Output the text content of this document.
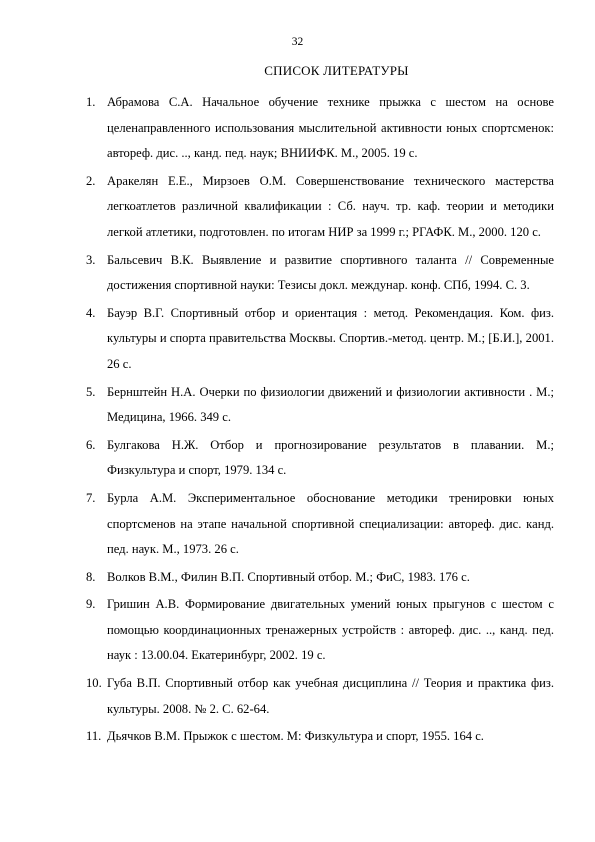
32
СПИСОК ЛИТЕРАТУРЫ
1. Абрамова С.А. Начальное обучение технике прыжка с шестом на основе целенаправленного использования мыслительной активности юных спортсменок: автореф. дис. .., канд. пед. наук; ВНИИФК. М., 2005. 19 с.
2. Аракелян Е.Е., Мирзоев О.М. Совершенствование технического мастерства легкоатлетов различной квалификации : Сб. науч. тр. каф. теории и методики легкой атлетики, подготовлен. по итогам НИР за 1999 г.; РГАФК. М., 2000. 120 с.
3. Бальсевич В.К. Выявление и развитие спортивного таланта // Современные достижения спортивной науки: Тезисы докл. междунар. конф. СПб, 1994. С. 3.
4. Бауэр В.Г. Спортивный отбор и ориентация : метод. Рекомендация. Ком. физ. культуры и спорта правительства Москвы. Спортив.-метод. центр. М.; [Б.И.], 2001. 26 с.
5. Бернштейн Н.А. Очерки по физиологии движений и физиологии активности . М.; Медицина, 1966. 349 с.
6. Булгакова Н.Ж. Отбор и прогнозирование результатов в плавании. М.; Физкультура и спорт, 1979. 134 с.
7. Бурла А.М. Экспериментальное обоснование методики тренировки юных спортсменов на этапе начальной спортивной специализации: автореф. дис. канд. пед. наук. М., 1973. 26 с.
8. Волков В.М., Филин В.П. Спортивный отбор. М.; ФиС, 1983. 176 с.
9. Гришин А.В. Формирование двигательных умений юных прыгунов с шестом с помощью координационных тренажерных устройств : автореф. дис. .., канд. пед. наук : 13.00.04. Екатеринбург, 2002. 19 с.
10. Губа В.П. Спортивный отбор как учебная дисциплина // Теория и практика физ. культуры. 2008. № 2. С. 62-64.
11. Дьячков В.М. Прыжок с шестом. М: Физкультура и спорт, 1955. 164 с.
